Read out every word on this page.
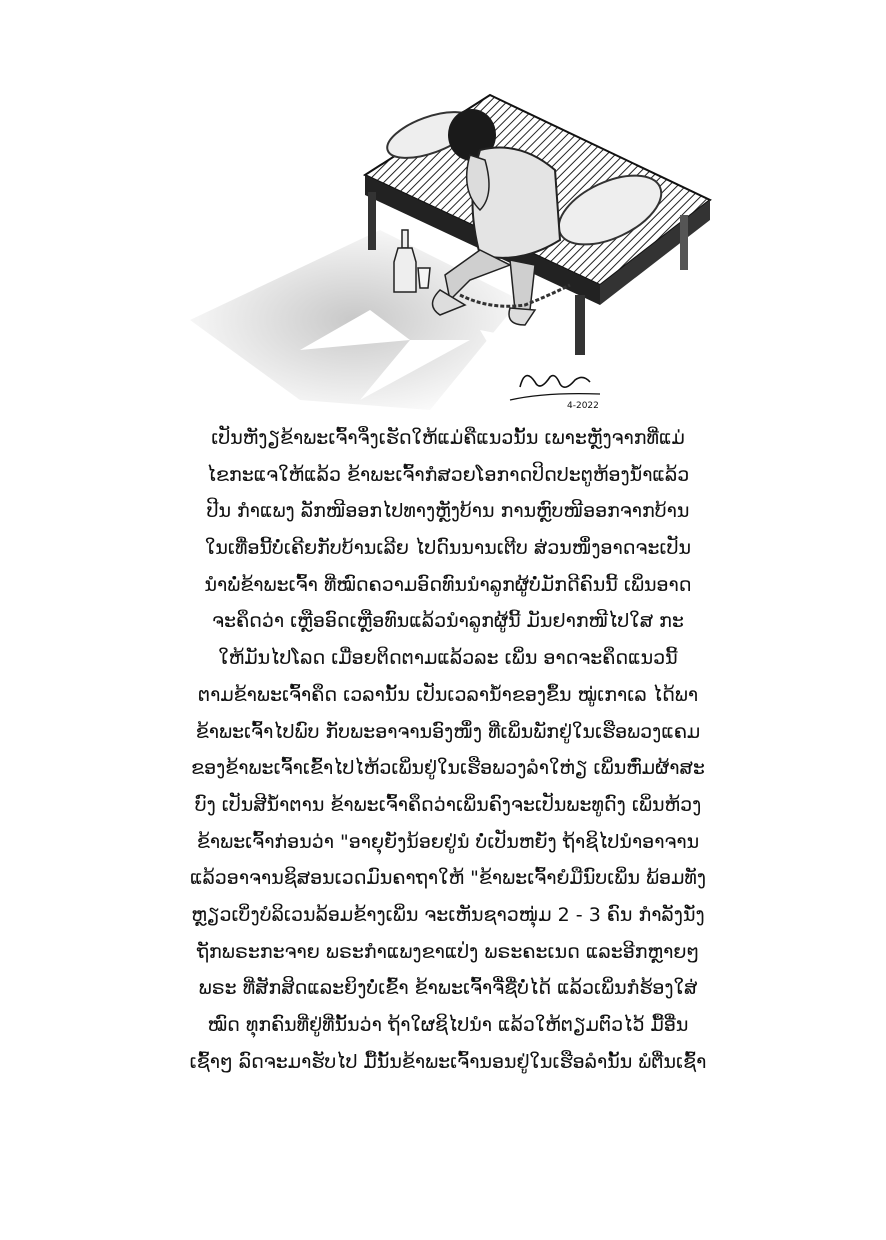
4-2022
ເປັນຫັງຽຂ້າພະເຈົ້າຈຶ່ງເຮັດໃຫ້ແມ່ຄືແນວນັ້ນ ເພາະຫຼັງຈາກທີ່ແມ່
ໄຂກະແຈໃຫ້ແລ້ວ ຂ້າພະເຈົ້າກໍສວຍໂອກາດປິດປະຕູຫ້ອງນໍ້າແລ້ວ
ປີນ ກໍາແພງ ລັກໜີອອກໄປທາງຫຼັງບ້ານ ການຫຼົບໜີອອກຈາກບ້ານ
ໃນເທື່ອນີ້ບໍ່ເຄີຍກັບບ້ານເລີຍ ໄປດົນນານເຕີບ ສ່ວນໜຶ່ງອາດຈະເປັນ
ນໍາພໍ່ຂ້າພະເຈົ້າ ທີ່ໝົດຄວາມອົດທົນນໍາລູກຜູ້ບໍ່ມັກດີຄົນນີ້ ເພິ່ນອາດ
ຈະຄຶດວ່າ ເຫຼືອອົດເຫຼືອທົນແລ້ວນໍາລູກຜູ້ນີ້ ມັນຢາກໜີໄປໃສ ກະ
ໃຫ້ມັນໄປໂລດ ເມື່ອຍຕິດຕາມແລ້ວລະ ເພິ່ນ ອາດຈະຄຶດແນວນີ້
ຕາມຂ້າພະເຈົ້າຄຶດ ເວລານັ້ນ ເປັນເວລານໍ້າຂອງຂຶ້ນ ໝູ່ເກາເລ ໄດ້ພາ
ຂ້າພະເຈົ້າໄປພົບ ກັບພະອາຈານອົງໜຶ່ງ ທີ່ເພິ່ນພັກຢູ່ໃນເຮືອພວງແຄມ
ຂອງຂ້າພະເຈົ້າເຂົ້າໄປໄຫ້ວເພິ່ນຢູ່ໃນເຮືອພວງລໍາໃຫ່ຽ ເພິ່ນຫົ່ມຜ້າສະ
ບົງ ເປັນສີນໍ້າຕານ ຂ້າພະເຈົ້າຄຶດວ່າເພິ່ນຄົງຈະເປັນພະທູດົງ ເພິ່ນຫ້ວງ
ຂ້າພະເຈົ້າກ່ອນວ່າ "ອາຍຸຍັງນ້ອຍຢູ່ນໍ ບໍ່ເປັນຫຍັງ ຖ້າຊິໄປນໍາອາຈານ
ແລ້ວອາຈານຊິສອນເວດມົນຄາຖາໃຫ້ "ຂ້າພະເຈົ້າຍໍມືນົບເພິ່ນ ພ້ອມທັງ
ຫຼຽວເບິ່ງບໍລິເວນລ້ອມຂ້າງເພິ່ນ ຈະເຫັນຊາວໜຸ່ມ 2 - 3 ຄົນ ກໍາລັງນັ່ງ
ຖັກພຣະກະຈາຍ ພຣະກໍາແພງຂາແປ່ງ ພຣະຄະເນດ ແລະອີກຫຼາຍໆ
ພຣະ ທີ່ສັກສິດແລະຍິງບໍ່ເຂົ້າ ຂ້າພະເຈົ້າຈື່ຊື່ບໍ່ໄດ້ ແລ້ວເພິ່ນກໍຮ້ອງໃສ່
ໝົດ ທຸກຄົນທີ່ຢູ່ທີ່ນັ້ນວ່າ ຖ້າໃຜຊິໄປນໍາ ແລ້ວໃຫ້ຕຽມຕົວໄວ້ ມື້ອື່ນ
ເຊົ້າໆ ລົດຈະມາຮັບໄປ ມື້ນັ້ນຂ້າພະເຈົ້ານອນຢູ່ໃນເຮືອລໍານັ້ນ ພໍຕື່ນເຊົ້າ
